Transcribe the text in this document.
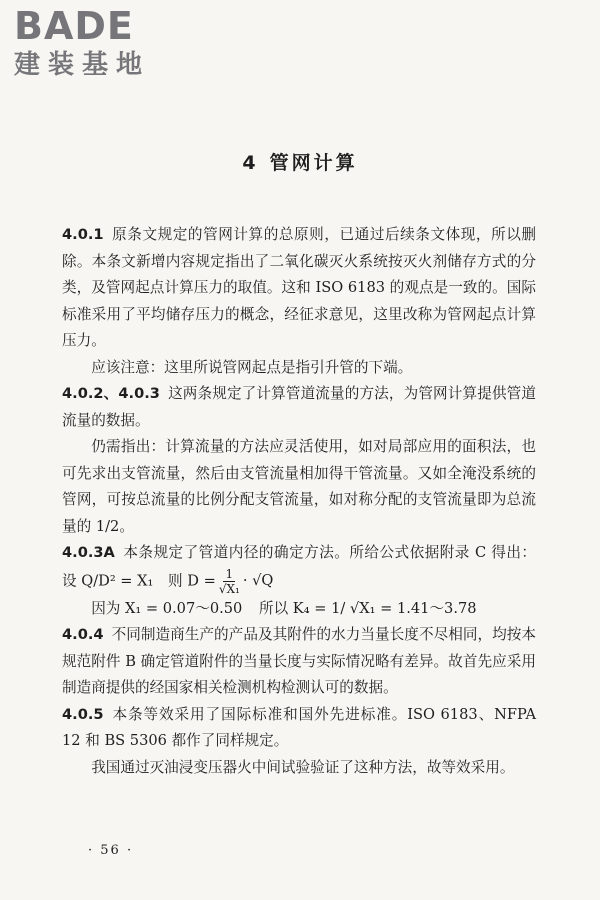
BADE
建装基地
4 管网计算

4.0.1 原条文规定的管网计算的总原则，已通过后续条文体现，所以删除。本条文新增内容规定指出了二氧化碳灭火系统按灭火剂储存方式的分类，及管网起点计算压力的取值。这和 ISO 6183 的观点是一致的。国际标准采用了平均储存压力的概念，经征求意见，这里改称为管网起点计算压力。

应该注意：这里所说管网起点是指引升管的下端。

4.0.2、4.0.3 这两条规定了计算管道流量的方法，为管网计算提供管道流量的数据。

仍需指出：计算流量的方法应灵活使用，如对局部应用的面积法，也可先求出支管流量，然后由支管流量相加得干管流量。又如全淹没系统的管网，可按总流量的比例分配支管流量，如对称分配的支管流量即为总流量的 1/2。

4.0.3A 本条规定了管道内径的确定方法。所给公式依据附录 C 得出：设 Q/D² = X₁　则 $D = \frac{1}{\text{√X₁}} \cdot √Q$

因为 X₁ = 0.07～0.50 所以 K₄ = 1/ √X₁ = 1.41～3.78

4.0.4 不同制造商生产的产品及其附件的水力当量长度不尽相同，均按本规范附件 B 确定管道附件的当量长度与实际情况略有差异。故首先应采用制造商提供的经国家相关检测机构检测认可的数据。

4.0.5 本条等效采用了国际标准和国外先进标准。ISO 6183、NFPA 12 和 BS 5306 都作了同样规定。

我国通过灭油浸变压器火中间试验验证了这种方法，故等效采用。

· 56 ·
